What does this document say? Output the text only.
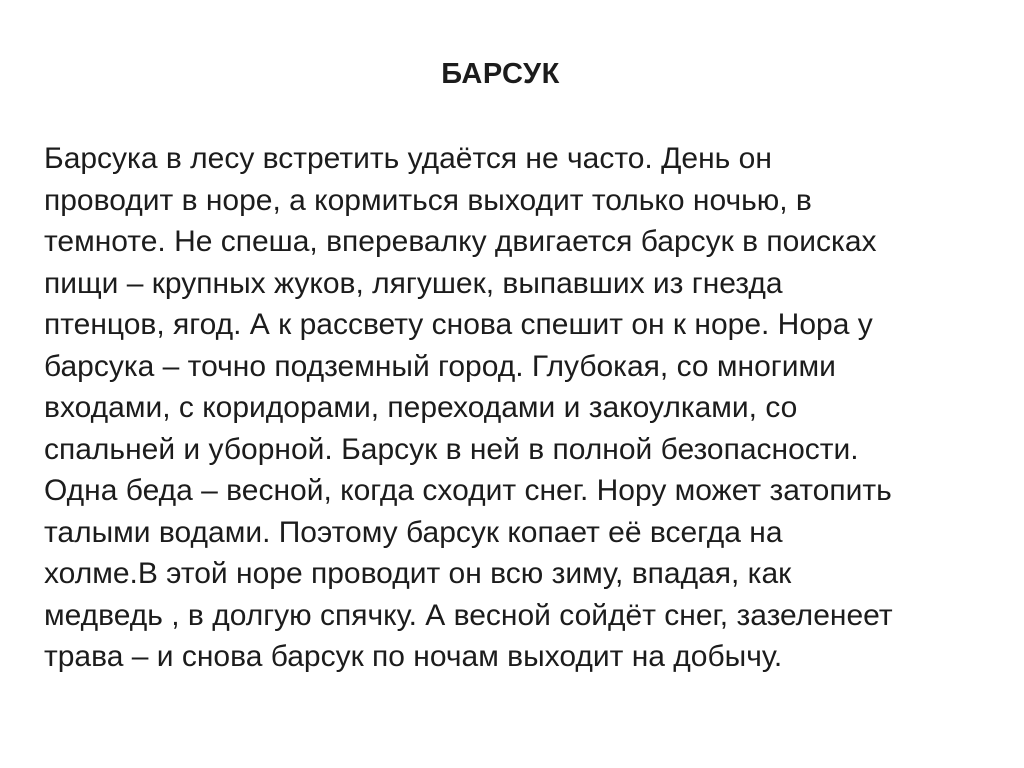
БАРСУК
Барсука в лесу встретить удаётся не часто. День он
проводит в норе, а кормиться выходит только ночью, в
темноте. Не спеша, вперевалку двигается барсук в поисках
пищи – крупных жуков, лягушек, выпавших из гнезда
птенцов, ягод. А к рассвету снова спешит он к норе. Нора у
барсука – точно подземный город. Глубокая, со многими
входами, с коридорами, переходами и закоулками, со
спальней и уборной. Барсук в ней в полной безопасности.
Одна беда – весной, когда сходит снег. Нору может затопить
талыми водами. Поэтому барсук копает её всегда на
холме.В этой норе проводит он всю зиму, впадая, как
медведь , в долгую спячку. А весной сойдёт снег, зазеленеет
трава – и снова барсук по ночам выходит на добычу.
